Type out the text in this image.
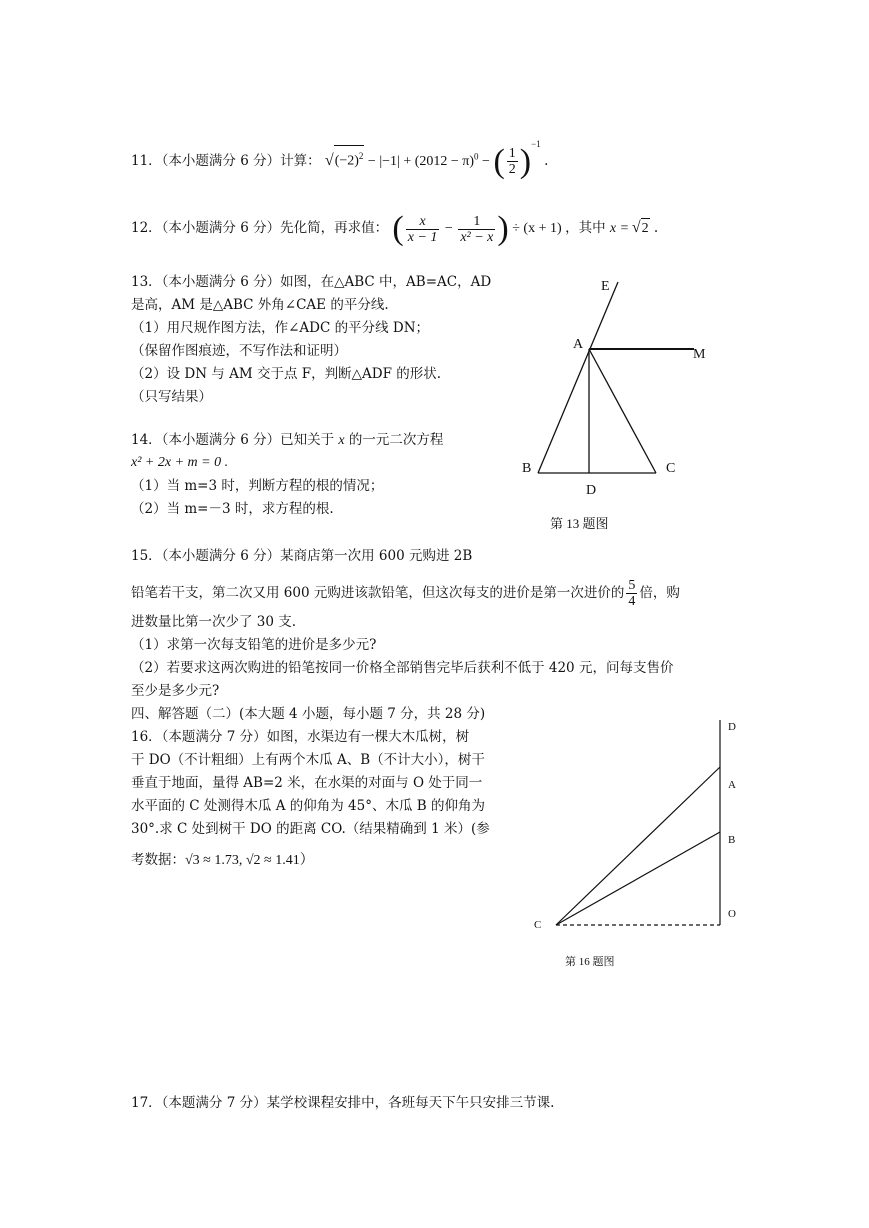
11．（本小题满分 6 分）计算： $√(-2)^2 - |-1| + (2012 - \pi)^0$ − ( $\frac{1}{2} )^{-1}$ .
12．（本小题满分 6 分）先化简，再求值： ( $\frac{x}{x - 1} - \frac{1}{\text{x² − x}}$ ) ÷ (x + 1) ，其中 x = √2 .
13．（本小题满分 6 分）如图，在△ABC 中，AB=AC，AD
是高，AM 是△ABC 外角∠CAE 的平分线.
（1）用尺规作图方法，作∠ADC 的平分线 DN；
（保留作图痕迹，不写作法和证明）
（2）设 DN 与 AM 交于点 F，判断△ADF 的形状.
（只写结果）
E
A
M
B	C
D
第 13 题图
14．（本小题满分 6 分）已知关于 x 的一元二次方程
x² + 2x + m = 0 .
（1）当 m=3 时，判断方程的根的情况；
（2）当 m=－3 时，求方程的根.
15．（本小题满分 6 分）某商店第一次用 600 元购进 2B
铅笔若干支，第二次又用 600 元购进该款铅笔，但这次每支的进价是第一次进价的 $\frac{5}{4}$ 倍，购
进数量比第一次少了 30 支.
（1）求第一次每支铅笔的进价是多少元?
（2）若要求这两次购进的铅笔按同一价格全部销售完毕后获利不低于 420 元，问每支售价
至少是多少元?
四、解答题（二）(本大题 4 小题，每小题 7 分，共 28 分)
16．（本题满分 7 分）如图，水渠边有一棵大木瓜树，树
干 DO（不计粗细）上有两个木瓜 A、B（不计大小），树干
垂直于地面，量得 AB=2 米，在水渠的对面与 O 处于同一
水平面的 C 处测得木瓜 A 的仰角为 45°、木瓜 B 的仰角为
30°.求 C 处到树干 DO 的距离 CO.（结果精确到 1 米）(参
考数据：√3 ≈ 1.73, √2 ≈ 1.41）
D
A
B
O
C
第 16 题图
17．（本题满分 7 分）某学校课程安排中，各班每天下午只安排三节课.
